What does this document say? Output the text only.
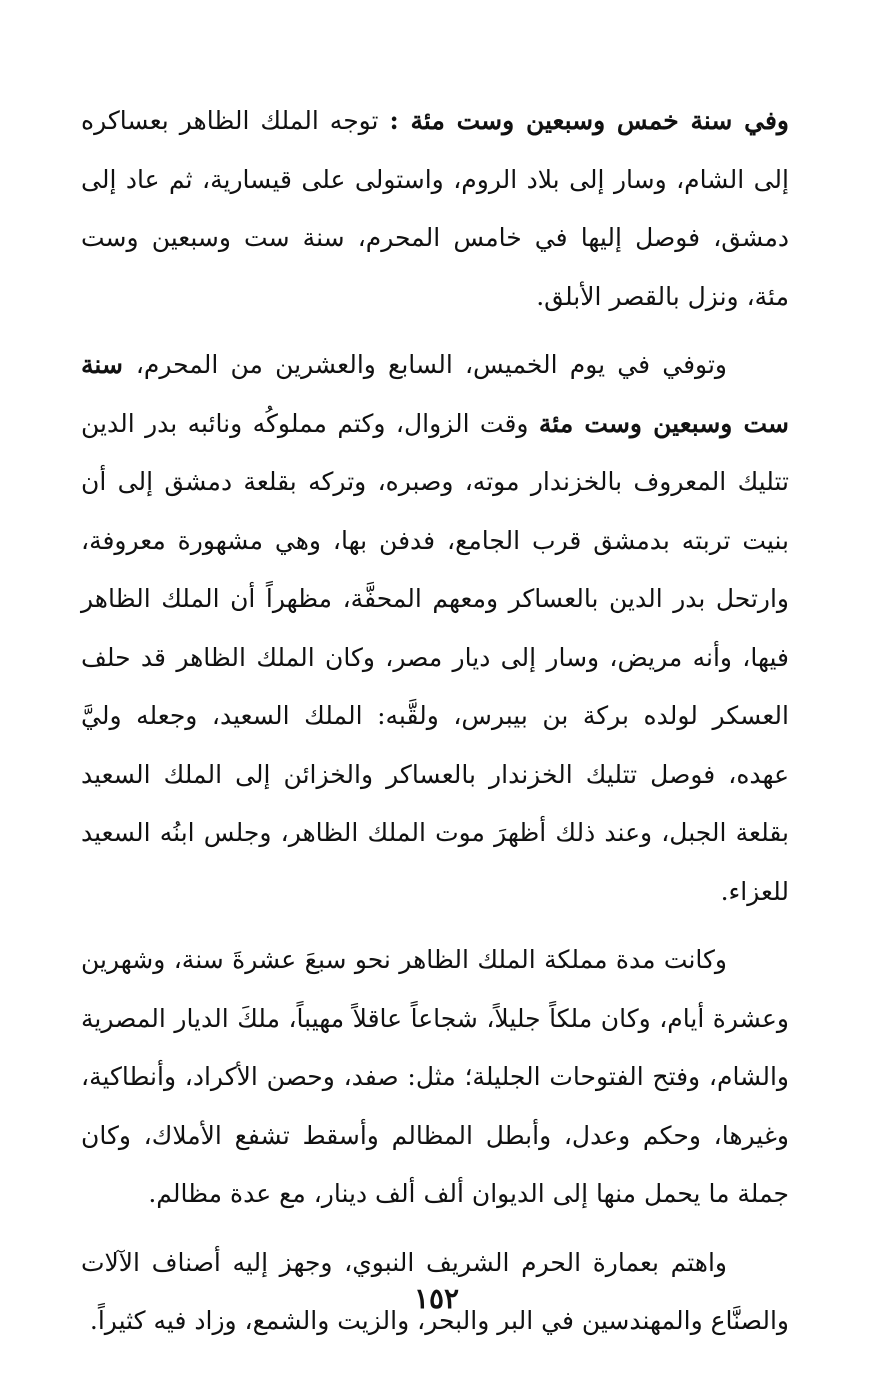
وفي سنة خمس وسبعين وست مئة : توجه الملك الظاهر بعساكره إلى الشام، وسار إلى بلاد الروم، واستولى على قيسارية، ثم عاد إلى دمشق، فوصل إليها في خامس المحرم، سنة ست وسبعين وست مئة، ونزل بالقصر الأبلق.

وتوفي في يوم الخميس، السابع والعشرين من المحرم، سنة ست وسبعين وست مئة وقت الزوال، وكتم مملوكُه ونائبه بدر الدين تتليك المعروف بالخزندار موته، وصبره، وتركه بقلعة دمشق إلى أن بنيت تربته بدمشق قرب الجامع، فدفن بها، وهي مشهورة معروفة، وارتحل بدر الدين بالعساكر ومعهم المحفَّة، مظهراً أن الملك الظاهر فيها، وأنه مريض، وسار إلى ديار مصر، وكان الملك الظاهر قد حلف العسكر لولده بركة بن بيبرس، ولقَّبه: الملك السعيد، وجعله وليَّ عهده، فوصل تتليك الخزندار بالعساكر والخزائن إلى الملك السعيد بقلعة الجبل، وعند ذلك أظهرَ موت الملك الظاهر، وجلس ابنُه السعيد للعزاء.

وكانت مدة مملكة الملك الظاهر نحو سبعَ عشرةَ سنة، وشهرين وعشرة أيام، وكان ملكاً جليلاً، شجاعاً عاقلاً مهيباً، ملكَ الديار المصرية والشام، وفتح الفتوحات الجليلة؛ مثل: صفد، وحصن الأكراد، وأنطاكية، وغيرها، وحكم وعدل، وأبطل المظالم وأسقط تشفع الأملاك، وكان جملة ما يحمل منها إلى الديوان ألف ألف دينار، مع عدة مظالم.

واهتم بعمارة الحرم الشريف النبوي، وجهز إليه أصناف الآلات والصنَّاع والمهندسين في البر والبحر، والزيت والشمع، وزاد فيه كثيراً.

١٥٢
